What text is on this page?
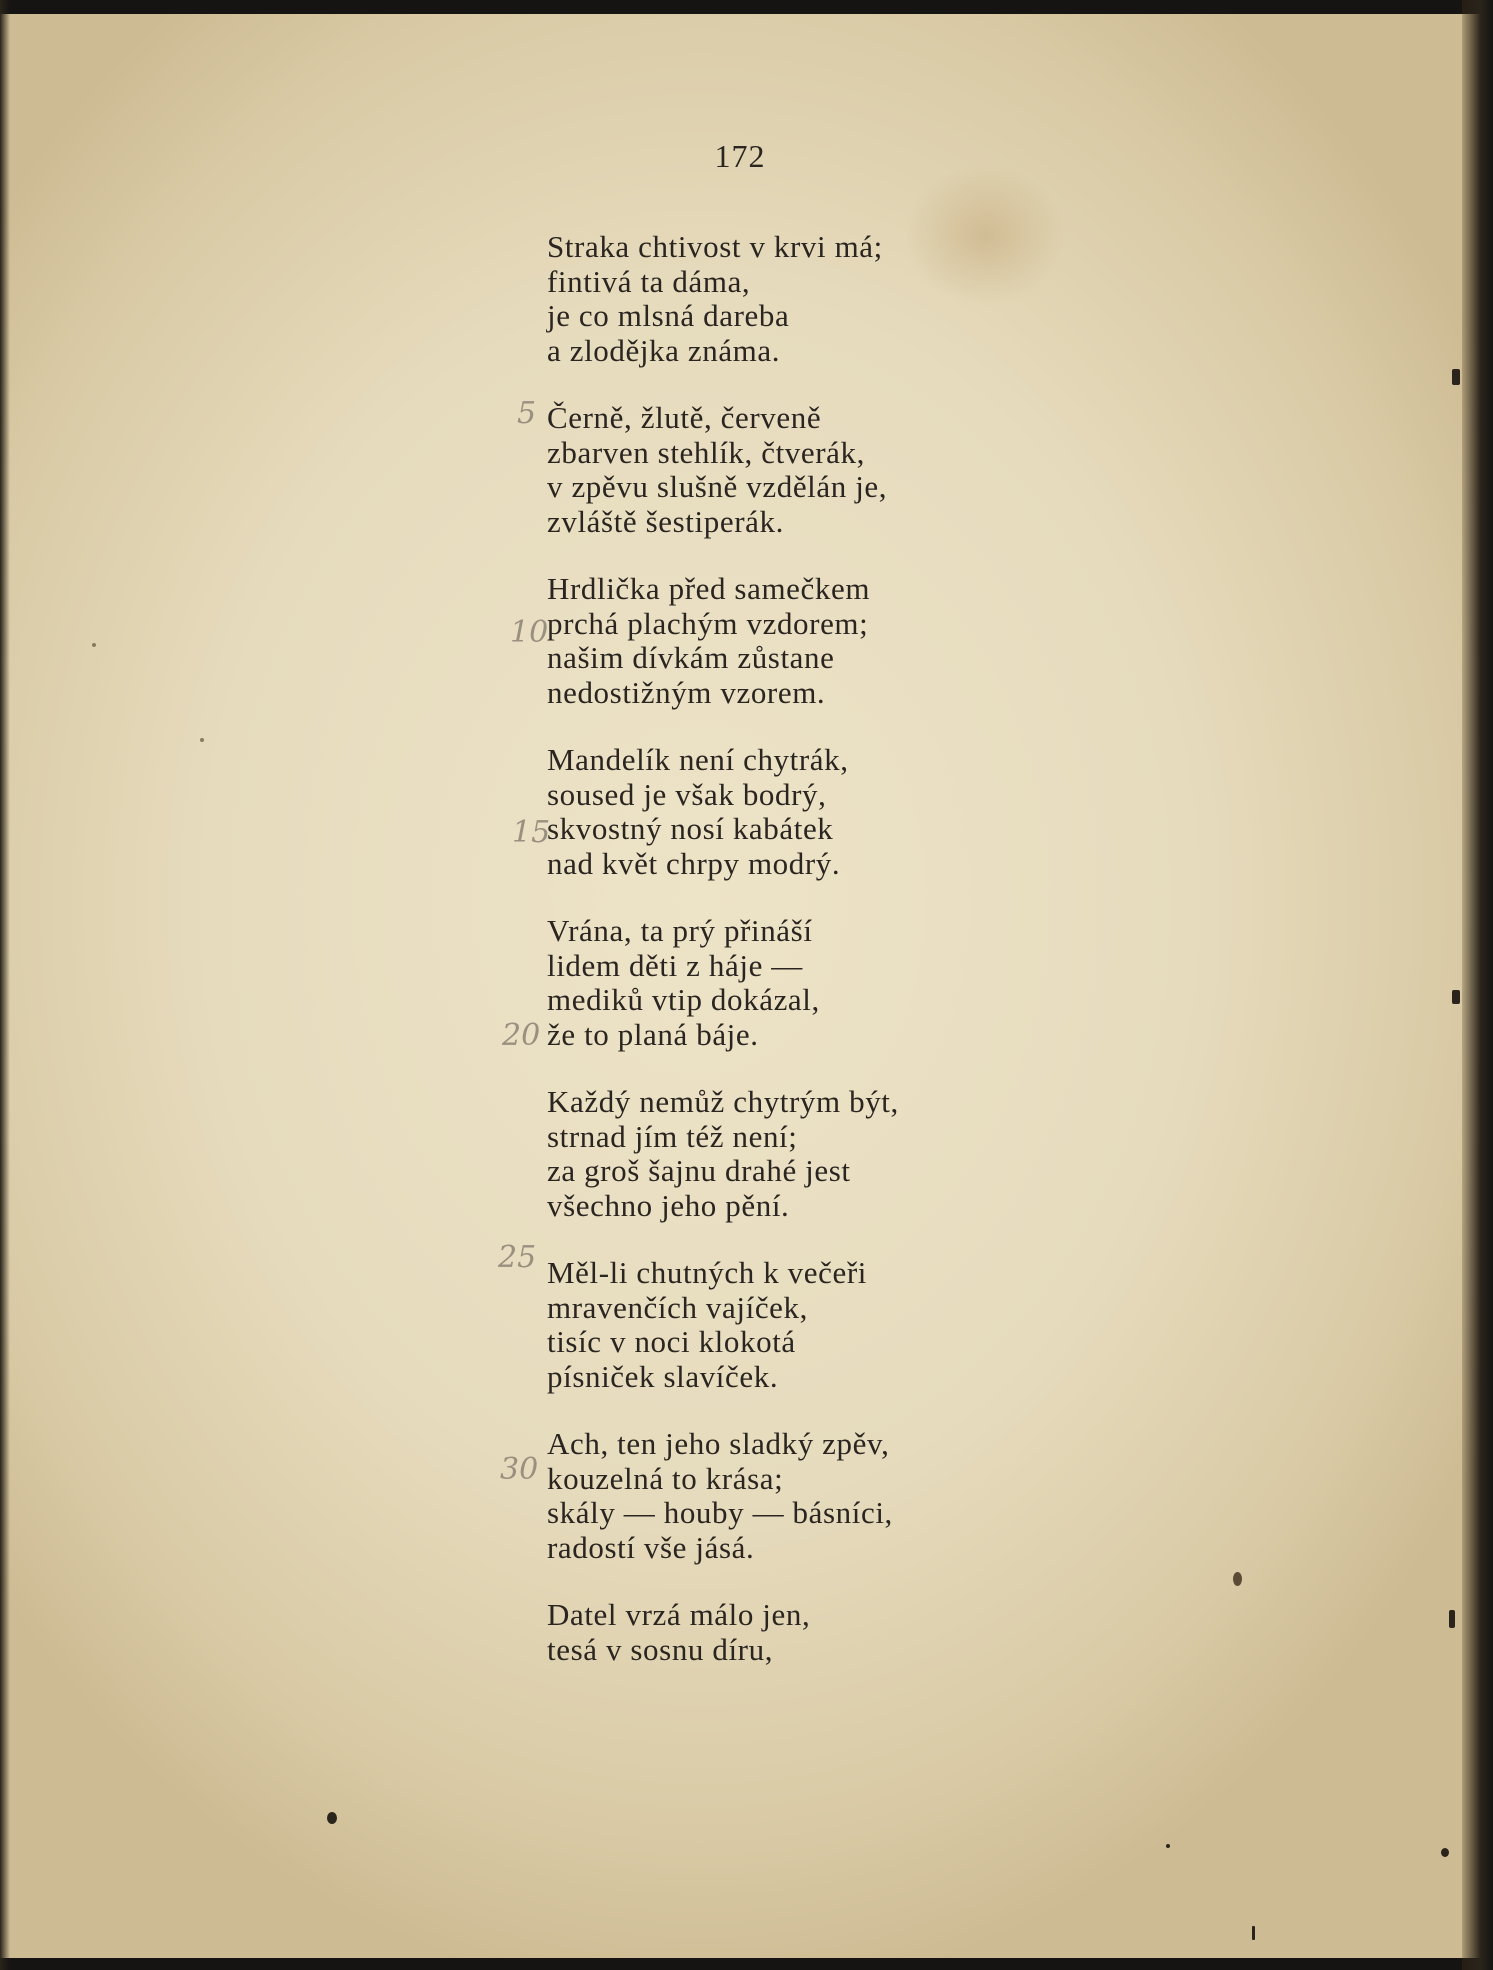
172
Straka chtivost v krvi má;
fintivá ta dáma,
je co mlsná dareba
a zlodějka známa.
Černě, žlutě, červeně
zbarven stehlík, čtverák,
v zpěvu slušně vzdělán je,
zvláště šestiperák.
Hrdlička před samečkem
prchá plachým vzdorem;
našim dívkám zůstane
nedostižným vzorem.
Mandelík není chytrák,
soused je však bodrý,
skvostný nosí kabátek
nad květ chrpy modrý.
Vrána, ta prý přináší
lidem děti z háje —
mediků vtip dokázal,
že to planá báje.
Každý nemůž chytrým být,
strnad jím též není;
za groš šajnu drahé jest
všechno jeho pění.
Měl-li chutných k večeři
mravenčích vajíček,
tisíc v noci klokotá
písniček slavíček.
Ach, ten jeho sladký zpěv,
kouzelná to krása;
skály — houby — básníci,
radostí vše jásá.
Datel vrzá málo jen,
tesá v sosnu díru,
5
10
15
20
25
30
